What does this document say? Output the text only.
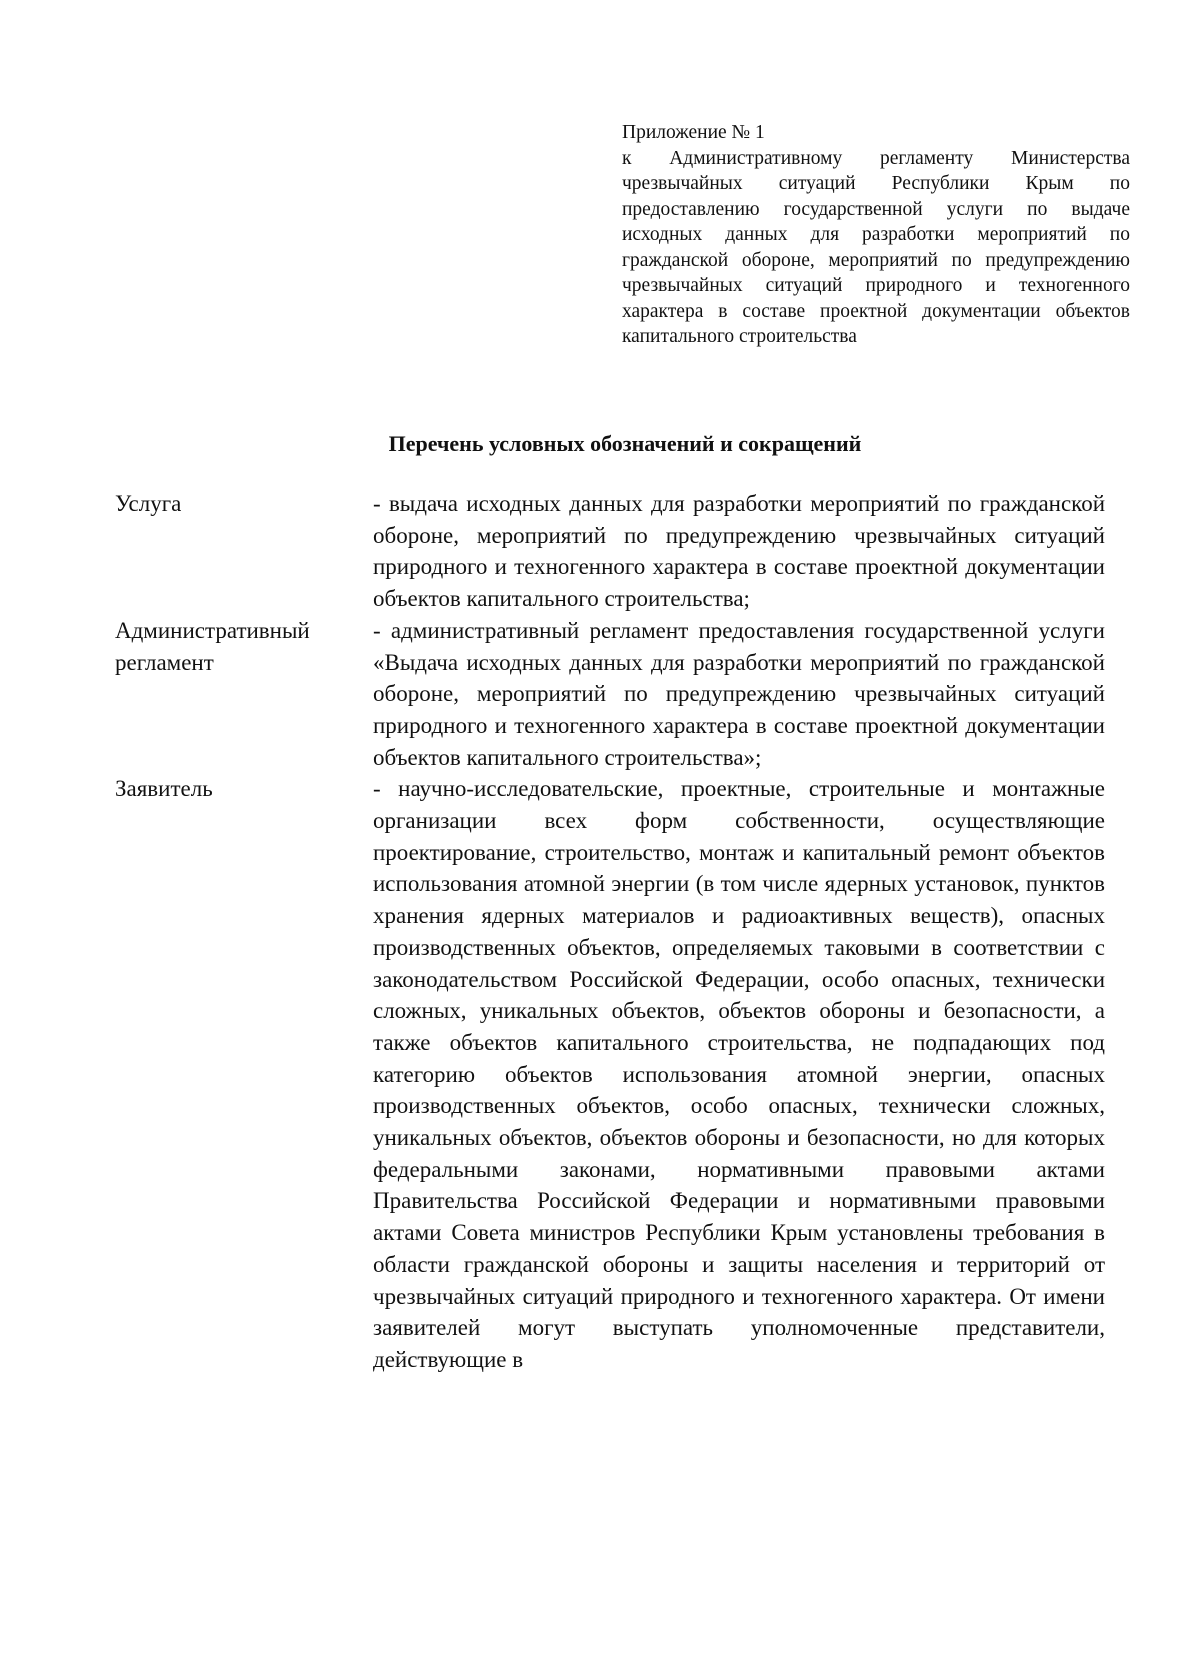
Приложение № 1
к Административному регламенту Министерства чрезвычайных ситуаций Республики Крым по предоставлению государственной услуги по выдаче исходных данных для разработки мероприятий по гражданской обороне, мероприятий по предупреждению чрезвычайных ситуаций природного и техногенного характера в составе проектной документации объектов капитального строительства
Перечень условных обозначений и сокращений
Услуга	- выдача исходных данных для разработки мероприятий по гражданской обороне, мероприятий по предупреждению чрезвычайных ситуаций природного и техногенного характера в составе проектной документации объектов капитального строительства;
Административный регламент
- административный регламент предоставления государственной услуги «Выдача исходных данных для разработки мероприятий по гражданской обороне, мероприятий по предупреждению чрезвычайных ситуаций природного и техногенного характера в составе проектной документации объектов капитального строительства»;
Заявитель	- научно-исследовательские, проектные, строительные и монтажные организации всех форм собственности, осуществляющие проектирование, строительство, монтаж и капитальный ремонт объектов использования атомной энергии (в том числе ядерных установок, пунктов хранения ядерных материалов и радиоактивных веществ), опасных производственных объектов, определяемых таковыми в соответствии с законодательством Российской Федерации, особо опасных, технически сложных, уникальных объектов, объектов обороны и безопасности, а также объектов капитального строительства, не подпадающих под категорию объектов использования атомной энергии, опасных производственных объектов, особо опасных, технически сложных, уникальных объектов, объектов обороны и безопасности, но для которых федеральными законами, нормативными правовыми актами Правительства Российской Федерации и нормативными правовыми актами Совета министров Республики Крым установлены требования в области гражданской обороны и защиты населения и территорий от чрезвычайных ситуаций природного и техногенного характера. От имени заявителей могут выступать уполномоченные представители, действующие в
